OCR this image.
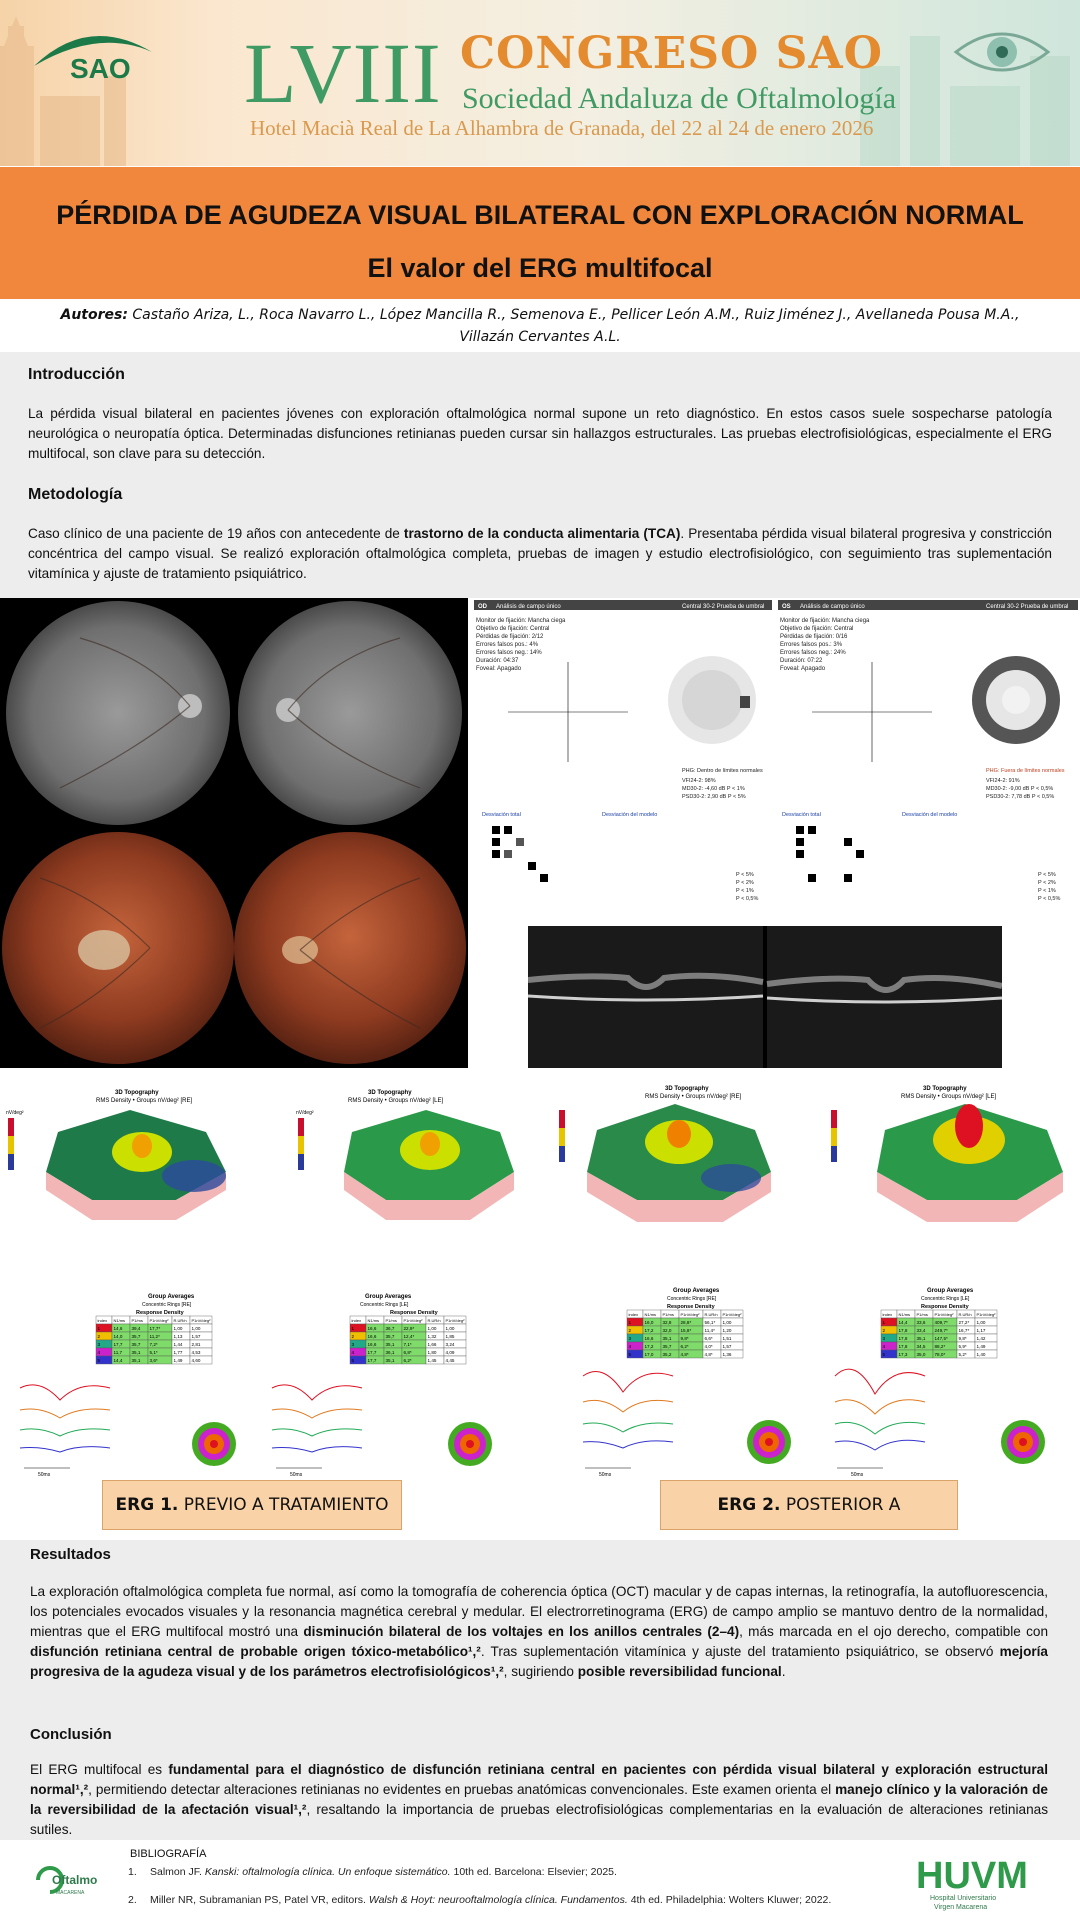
SAO LVIII CONGRESO SAO
Sociedad Andaluza de Oftalmología
Hotel Macià Real de La Alhambra de Granada, del 22 al 24 de enero 2026
PÉRDIDA DE AGUDEZA VISUAL BILATERAL CON EXPLORACIÓN NORMAL
El valor del ERG multifocal
Autores: Castaño Ariza, L., Roca Navarro L., López Mancilla R., Semenova E., Pellicer León A.M., Ruiz Jiménez J., Avellaneda Pousa M.A., Villazán Cervantes A.L.
Introducción
La pérdida visual bilateral en pacientes jóvenes con exploración oftalmológica normal supone un reto diagnóstico. En estos casos suele sospecharse patología neurológica o neuropatía óptica. Determinadas disfunciones retinianas pueden cursar sin hallazgos estructurales. Las pruebas electrofisiológicas, especialmente el ERG multifocal, son clave para su detección.
Metodología
Caso clínico de una paciente de 19 años con antecedente de trastorno de la conducta alimentaria (TCA). Presentaba pérdida visual bilateral progresiva y constricción concéntrica del campo visual. Se realizó exploración oftalmológica completa, pruebas de imagen y estudio electrofisiológico, con seguimiento tras suplementación vitamínica y ajuste de tratamiento psiquiátrico.
OD Análisis de campo único	Central 30-2 Prueba de umbral
Monitor de fijación: Mancha ciega
Objetivo de fijación: Central
Pérdidas de fijación: 2/12
Errores falsos pos.: 4%
Errores falsos neg.: 14%
Duración: 04:37
Foveal: Apagado
PHG: Dentro de límites normales
VFI24-2: 98%
MD30-2: -4,60 dB P < 1%
PSD30-2: 2,90 dB P < 5%
Desviación total	Desviación del modelo
P < 5%
P < 2%
P < 1%
P < 0,5%
OS Análisis de campo único	Central 30-2 Prueba de umbral
Monitor de fijación: Mancha ciega
Objetivo de fijación: Central
Pérdidas de fijación: 0/16
Errores falsos pos.: 3%
Errores falsos neg.: 24%
Duración: 07:22
Foveal: Apagado
PHG: Fuera de límites normales
VFI24-2: 91%
MD30-2: -9,00 dB P < 0,5%
PSD30-2: 7,78 dB P < 0,5%
Desviación total	Desviación del modelo
P < 5%
P < 2%
P < 1%
P < 0,5%
3D Topography
RMS Density • Groups nV/deg² [RE]
nV/deg²
3D Topography
RMS Density • Groups nV/deg² [LE]
nV/deg²
Group Averages
Concentric Rings [RE]
Group Averages
Concentric Rings [LE]
Response Density
index N1/ms P1/ms P1nV/deg² R.UR/n P1nV/deg²
1	14,6 39,4 17,7*	1,00 1,00
2	14,0 35,7 11,2*	1,13 1,57
3	17,7 35,7 7,2*	1,44 2,81
4	11,7 35,1 5,1*	1,77 4,53
5	14,4 35,1 3,6*	1,49 4,60
Response Density
index N1/ms P1/ms P1nV/deg² R.UR/n P1nV/deg²
1	16,6 36,7 22,9*	1,00 1,00
2	16,6 35,7 12,4*	1,32 1,85
3	16,6 35,1 7,1*	1,66 3,24
4	17,7 36,1 6,8*	1,80 4,09
5	17,7 35,1 6,2*	1,45 4,45
50ms	50ms
3D Topography
RMS Density • Groups nV/deg² [RE]
3D Topography
RMS Density • Groups nV/deg² [LE]
Group Averages
Concentric Rings [RE]
Group Averages
Concentric Rings [LE]
Response Density
index N1/ms P1/ms P1nV/deg² R.UR/n P1nV/deg²
1	16,0 32,8 28,8*	56,1* 1,00
2	17,2 32,0 15,8*	11,4* 1,20
3	16,6 35,1 9,8*	6,6* 1,51
4	17,2 35,7 6,2*	4,0* 1,57
5	17,0 35,2 4,8*	4,8* 1,36
Response Density
index N1/ms P1/ms P1nV/deg² R.UR/n P1nV/deg²
1	14,4 33,6 409,7* 27,2* 1,00
2	17,8 33,4 249,7* 16,7* 1,17
3	17,8 35,1 147,5* 9,8* 1,42
4	17,8 34,5 88,2*	5,9* 1,49
5	17,3 35,0 78,0*	5,2* 1,40
50ms	50ms
ERG 1. PREVIO A TRATAMIENTO	ERG 2. POSTERIOR A
Resultados
La exploración oftalmológica completa fue normal, así como la tomografía de coherencia óptica (OCT) macular y de capas internas, la retinografía, la autofluorescencia, los potenciales evocados visuales y la resonancia magnética cerebral y medular. El electrorretinograma (ERG) de campo amplio se mantuvo dentro de la normalidad, mientras que el ERG multifocal mostró una disminución bilateral de los voltajes en los anillos centrales (2–4), más marcada en el ojo derecho, compatible con disfunción retiniana central de probable origen tóxico-metabólico¹,². Tras suplementación vitamínica y ajuste del tratamiento psiquiátrico, se observó mejoría progresiva de la agudeza visual y de los parámetros electrofisiológicos¹,², sugiriendo posible reversibilidad funcional.
Conclusión
El ERG multifocal es fundamental para el diagnóstico de disfunción retiniana central en pacientes con pérdida visual bilateral y exploración estructural normal¹,², permitiendo detectar alteraciones retinianas no evidentes en pruebas anatómicas convencionales. Este examen orienta el manejo clínico y la valoración de la reversibilidad de la afectación visual¹,², resaltando la importancia de pruebas electrofisiológicas complementarias en la evaluación de alteraciones retinianas sutiles.
Oftalmo
MACARENA
BIBLIOGRAFÍA
1. Salmon JF. Kanski: oftalmología clínica. Un enfoque sistemático. 10th ed. Barcelona: Elsevier; 2025.
2. Miller NR, Subramanian PS, Patel VR, editors. Walsh & Hoyt: neurooftalmología clínica. Fundamentos. 4th ed. Philadelphia: Wolters Kluwer; 2022.
HUVM
Hospital Universitario
Virgen Macarena
